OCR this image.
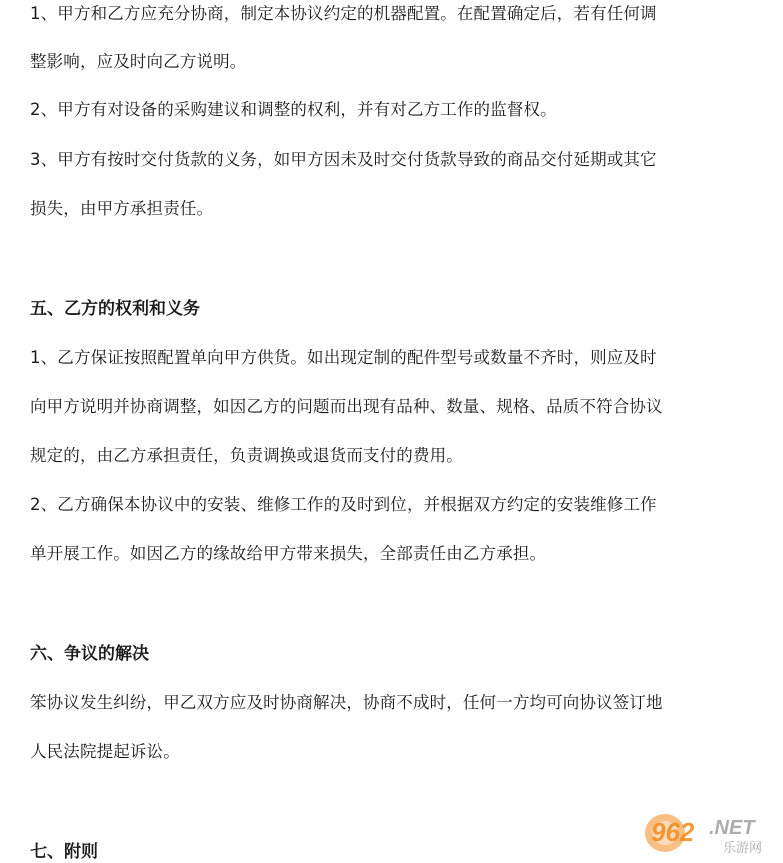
1、甲方和乙方应充分协商，制定本协议约定的机器配置。在配置确定后，若有任何调
整影响，应及时向乙方说明。
2、甲方有对设备的采购建议和调整的权利，并有对乙方工作的监督权。
3、甲方有按时交付货款的义务，如甲方因未及时交付货款导致的商品交付延期或其它
损失，由甲方承担责任。
五、乙方的权利和义务
1、乙方保证按照配置单向甲方供货。如出现定制的配件型号或数量不齐时，则应及时
向甲方说明并协商调整，如因乙方的问题而出现有品种、数量、规格、品质不符合协议
规定的，由乙方承担责任，负责调换或退货而支付的费用。
2、乙方确保本协议中的安装、维修工作的及时到位，并根据双方约定的安装维修工作
单开展工作。如因乙方的缘故给甲方带来损失，全部责任由乙方承担。
六、争议的解决
笨协议发生纠纷，甲乙双方应及时协商解决，协商不成时，任何一方均可向协议签订地
人民法院提起诉讼。
七、附则
962 .NET
乐游网
